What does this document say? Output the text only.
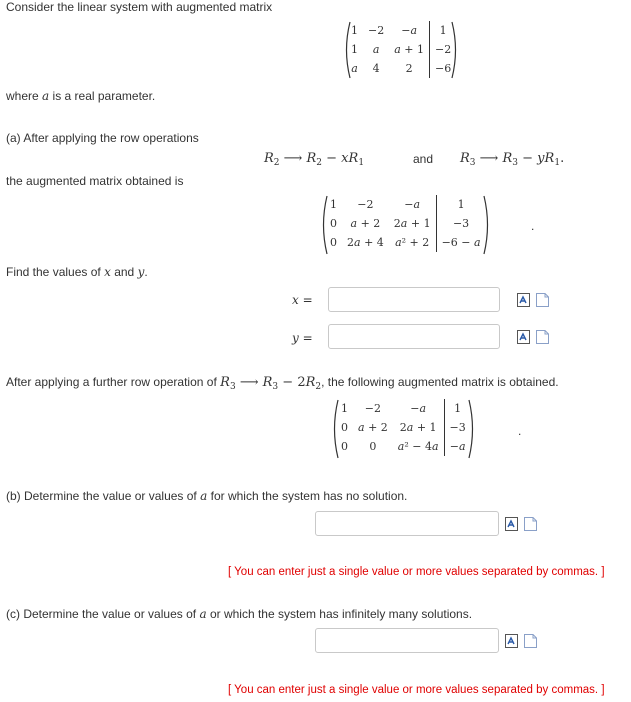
Consider the linear system with augmented matrix
1	−2	−a	1
1	a	a + 1	−2
a	4	2	−6
where a is a real parameter.
(a) After applying the row operations
$R_2$ ⟶ $R_2 - xR_1$	and $R_3$ ⟶ $R_3 - yR_1$.
the augmented matrix obtained is
1	−2	−a	1
0	a + 2	2a + 1	−3
0	2a + 4	a² + 2	−6 − a
.
Find the values of x and y.
x =
y =
After applying a further row operation of $R_3$ ⟶ $R_3 - 2R_2$, the following augmented matrix is obtained.
1	−2	−a	1
0	a + 2	2a + 1	−3
0	0	a² − 4a	−a
.
(b) Determine the value or values of a for which the system has no solution.
[ You can enter just a single value or more values separated by commas. ]
(c) Determine the value or values of a or which the system has infinitely many solutions.
[ You can enter just a single value or more values separated by commas. ]
